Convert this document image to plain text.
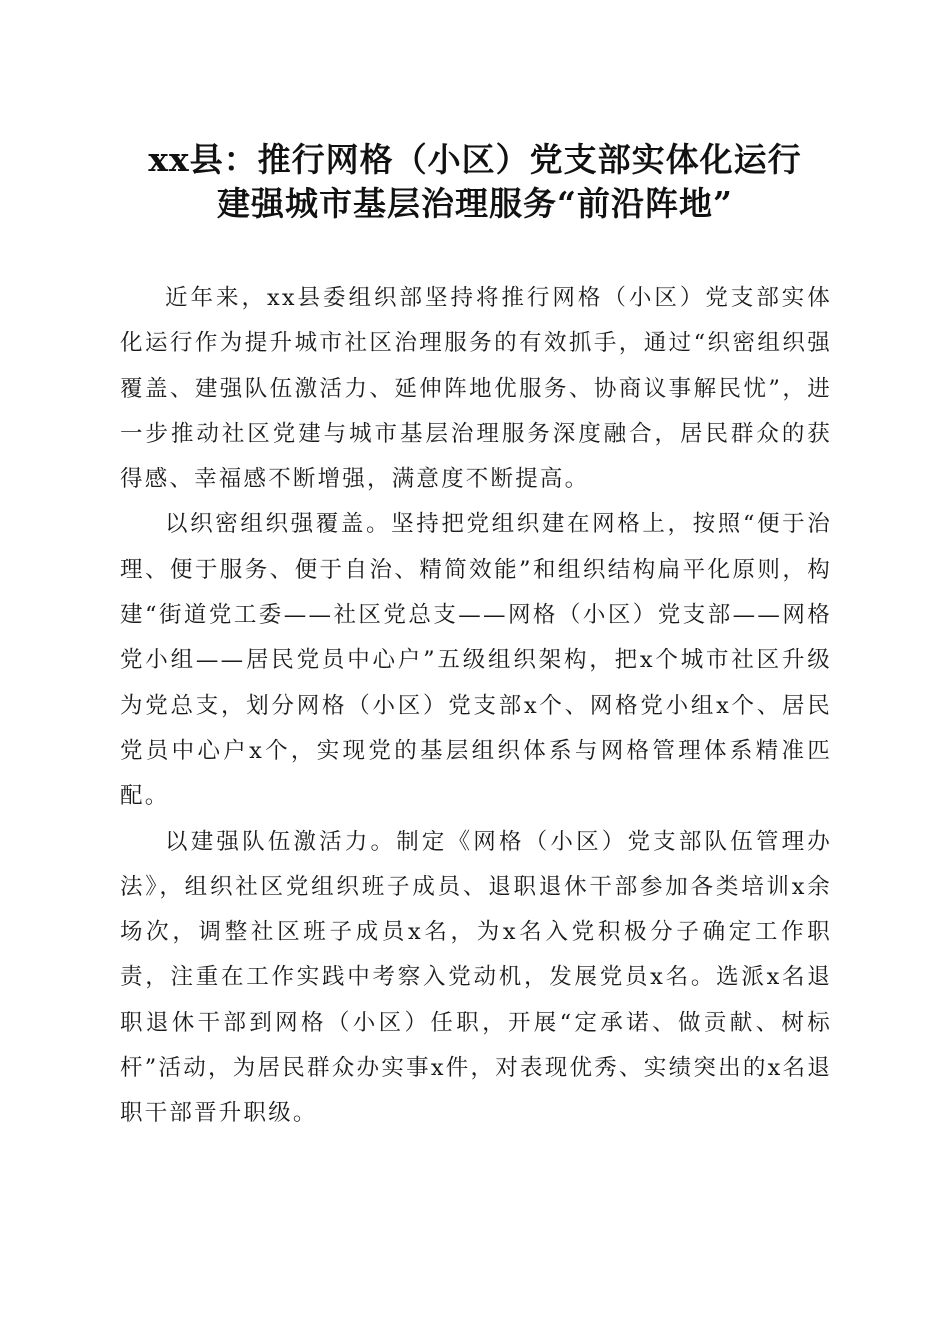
xx县：推行网格（小区）党支部实体化运行
建强城市基层治理服务“前沿阵地”

近年来，xx县委组织部坚持将推行网格（小区）党支部实体化运行作为提升城市社区治理服务的有效抓手，通过“织密组织强覆盖、建强队伍激活力、延伸阵地优服务、协商议事解民忧”，进一步推动社区党建与城市基层治理服务深度融合，居民群众的获得感、幸福感不断增强，满意度不断提高。

以织密组织强覆盖。坚持把党组织建在网格上，按照“便于治理、便于服务、便于自治、精简效能”和组织结构扁平化原则，构建“街道党工委——社区党总支——网格（小区）党支部——网格党小组——居民党员中心户”五级组织架构，把x个城市社区升级为党总支，划分网格（小区）党支部x个、网格党小组x个、居民党员中心户x个，实现党的基层组织体系与网格管理体系精准匹配。

以建强队伍激活力。制定《网格（小区）党支部队伍管理办法》，组织社区党组织班子成员、退职退休干部参加各类培训x余场次，调整社区班子成员x名，为x名入党积极分子确定工作职责，注重在工作实践中考察入党动机，发展党员x名。选派x名退职退休干部到网格（小区）任职，开展“定承诺、做贡献、树标杆”活动，为居民群众办实事x件，对表现优秀、实绩突出的x名退职干部晋升职级。
